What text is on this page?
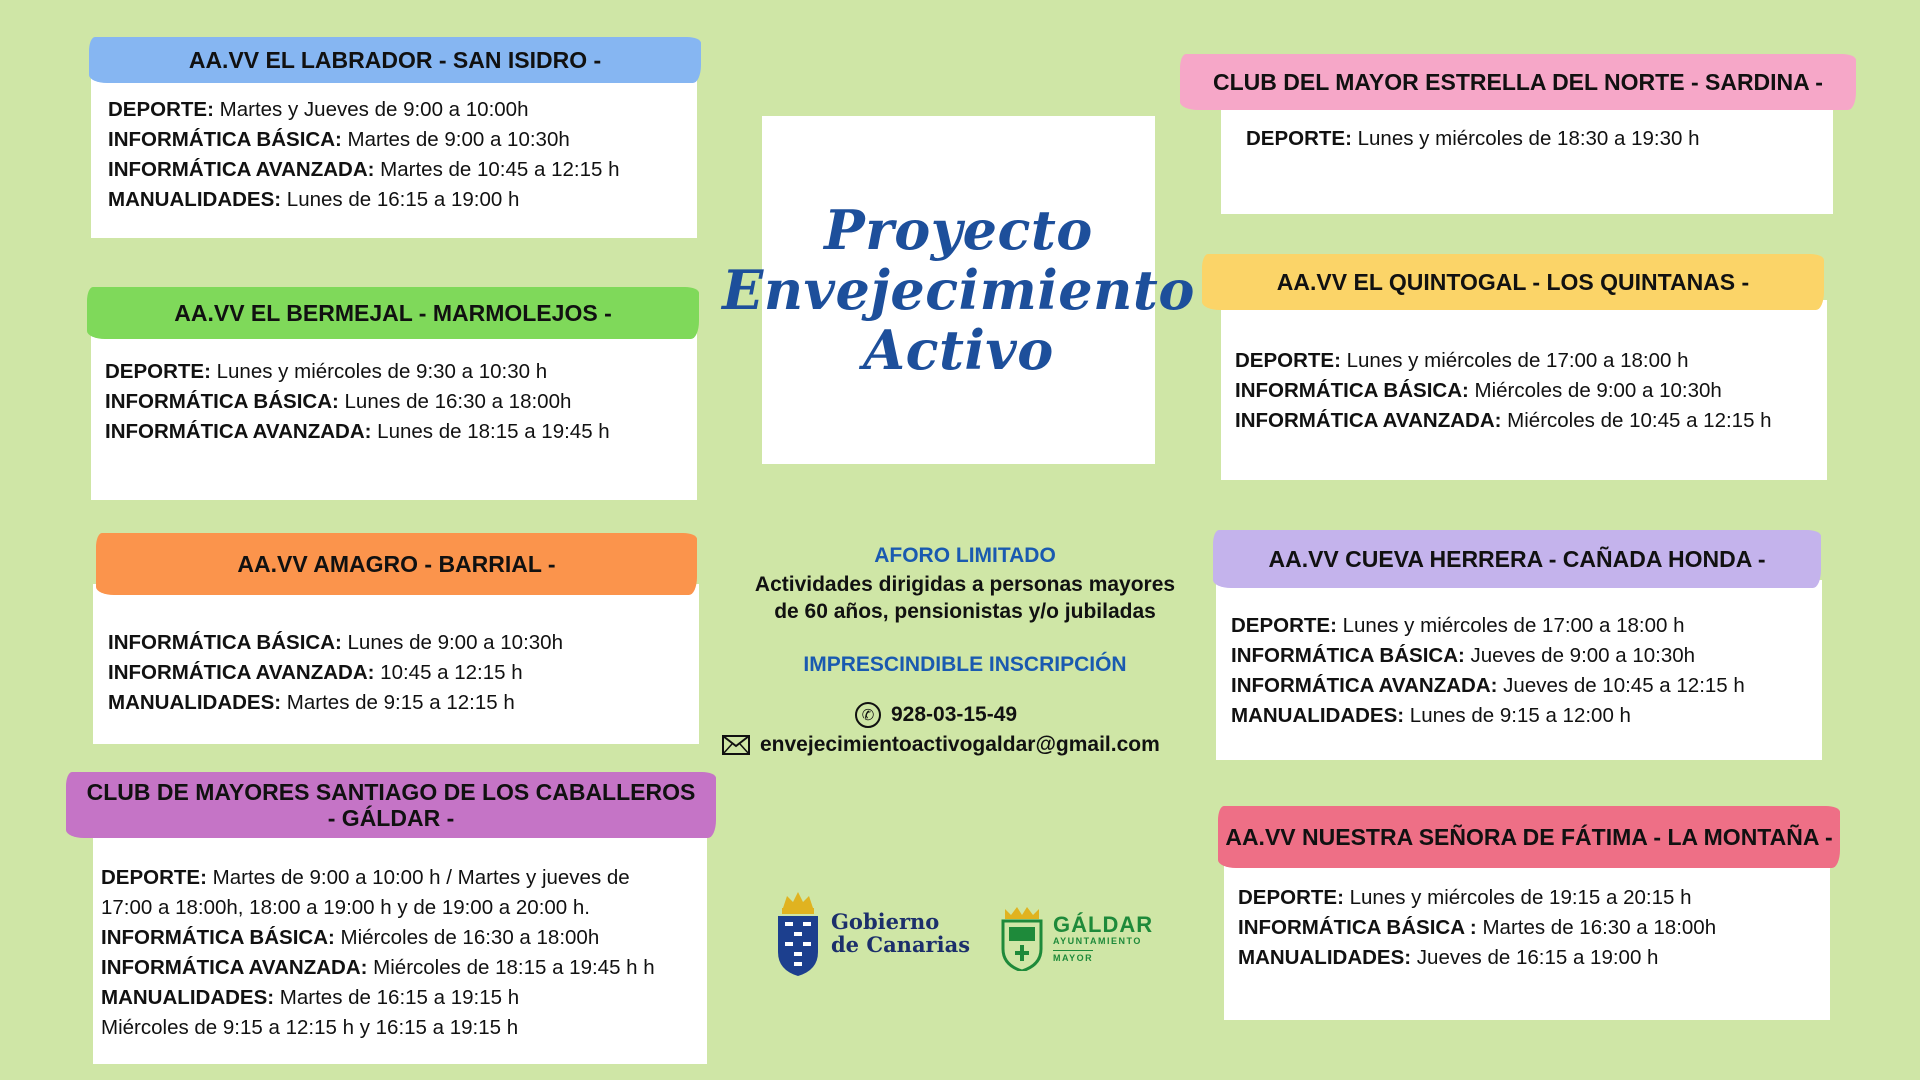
AA.VV EL LABRADOR - SAN ISIDRO -
DEPORTE: Martes y Jueves de 9:00 a 10:00h
INFORMÁTICA BÁSICA: Martes de 9:00 a 10:30h
INFORMÁTICA AVANZADA: Martes de 10:45 a 12:15 h
MANUALIDADES: Lunes de 16:15 a 19:00 h
AA.VV EL BERMEJAL - MARMOLEJOS -
DEPORTE: Lunes y miércoles de 9:30 a 10:30 h
INFORMÁTICA BÁSICA: Lunes de 16:30 a 18:00h
INFORMÁTICA AVANZADA: Lunes de 18:15 a 19:45 h
AA.VV AMAGRO - BARRIAL -
INFORMÁTICA BÁSICA: Lunes de 9:00 a 10:30h
INFORMÁTICA AVANZADA: 10:45 a 12:15 h
MANUALIDADES: Martes de 9:15 a 12:15 h
CLUB DE MAYORES SANTIAGO DE LOS CABALLEROS
- GÁLDAR -
DEPORTE: Martes de 9:00 a 10:00 h / Martes y jueves de
17:00 a 18:00h, 18:00 a 19:00 h y de 19:00 a 20:00 h.
INFORMÁTICA BÁSICA: Miércoles de 16:30 a 18:00h
INFORMÁTICA AVANZADA: Miércoles de 18:15 a 19:45 h h
MANUALIDADES: Martes de 16:15 a 19:15 h
Miércoles de 9:15 a 12:15 h y 16:15 a 19:15 h
Proyecto
Envejecimiento
Activo
AFORO LIMITADO
Actividades dirigidas a personas mayores
de 60 años, pensionistas y/o jubiladas
IMPRESCINDIBLE INSCRIPCIÓN
✆ 928-03-15-49
envejecimientoactivogaldar@gmail.com
Gobierno
de Canarias
GÁLDAR
AYUNTAMIENTO
MAYOR
CLUB DEL MAYOR ESTRELLA DEL NORTE - SARDINA -
DEPORTE: Lunes y miércoles de 18:30 a 19:30 h
AA.VV EL QUINTOGAL - LOS QUINTANAS -
DEPORTE: Lunes y miércoles de 17:00 a 18:00 h
INFORMÁTICA BÁSICA: Miércoles de 9:00 a 10:30h
INFORMÁTICA AVANZADA: Miércoles de 10:45 a 12:15 h
AA.VV CUEVA HERRERA - CAÑADA HONDA -
DEPORTE: Lunes y miércoles de 17:00 a 18:00 h
INFORMÁTICA BÁSICA: Jueves de 9:00 a 10:30h
INFORMÁTICA AVANZADA: Jueves de 10:45 a 12:15 h
MANUALIDADES: Lunes de 9:15 a 12:00 h
AA.VV NUESTRA SEÑORA DE FÁTIMA - LA MONTAÑA -
DEPORTE: Lunes y miércoles de 19:15 a 20:15 h
INFORMÁTICA BÁSICA : Martes de 16:30 a 18:00h
MANUALIDADES: Jueves de 16:15 a 19:00 h
